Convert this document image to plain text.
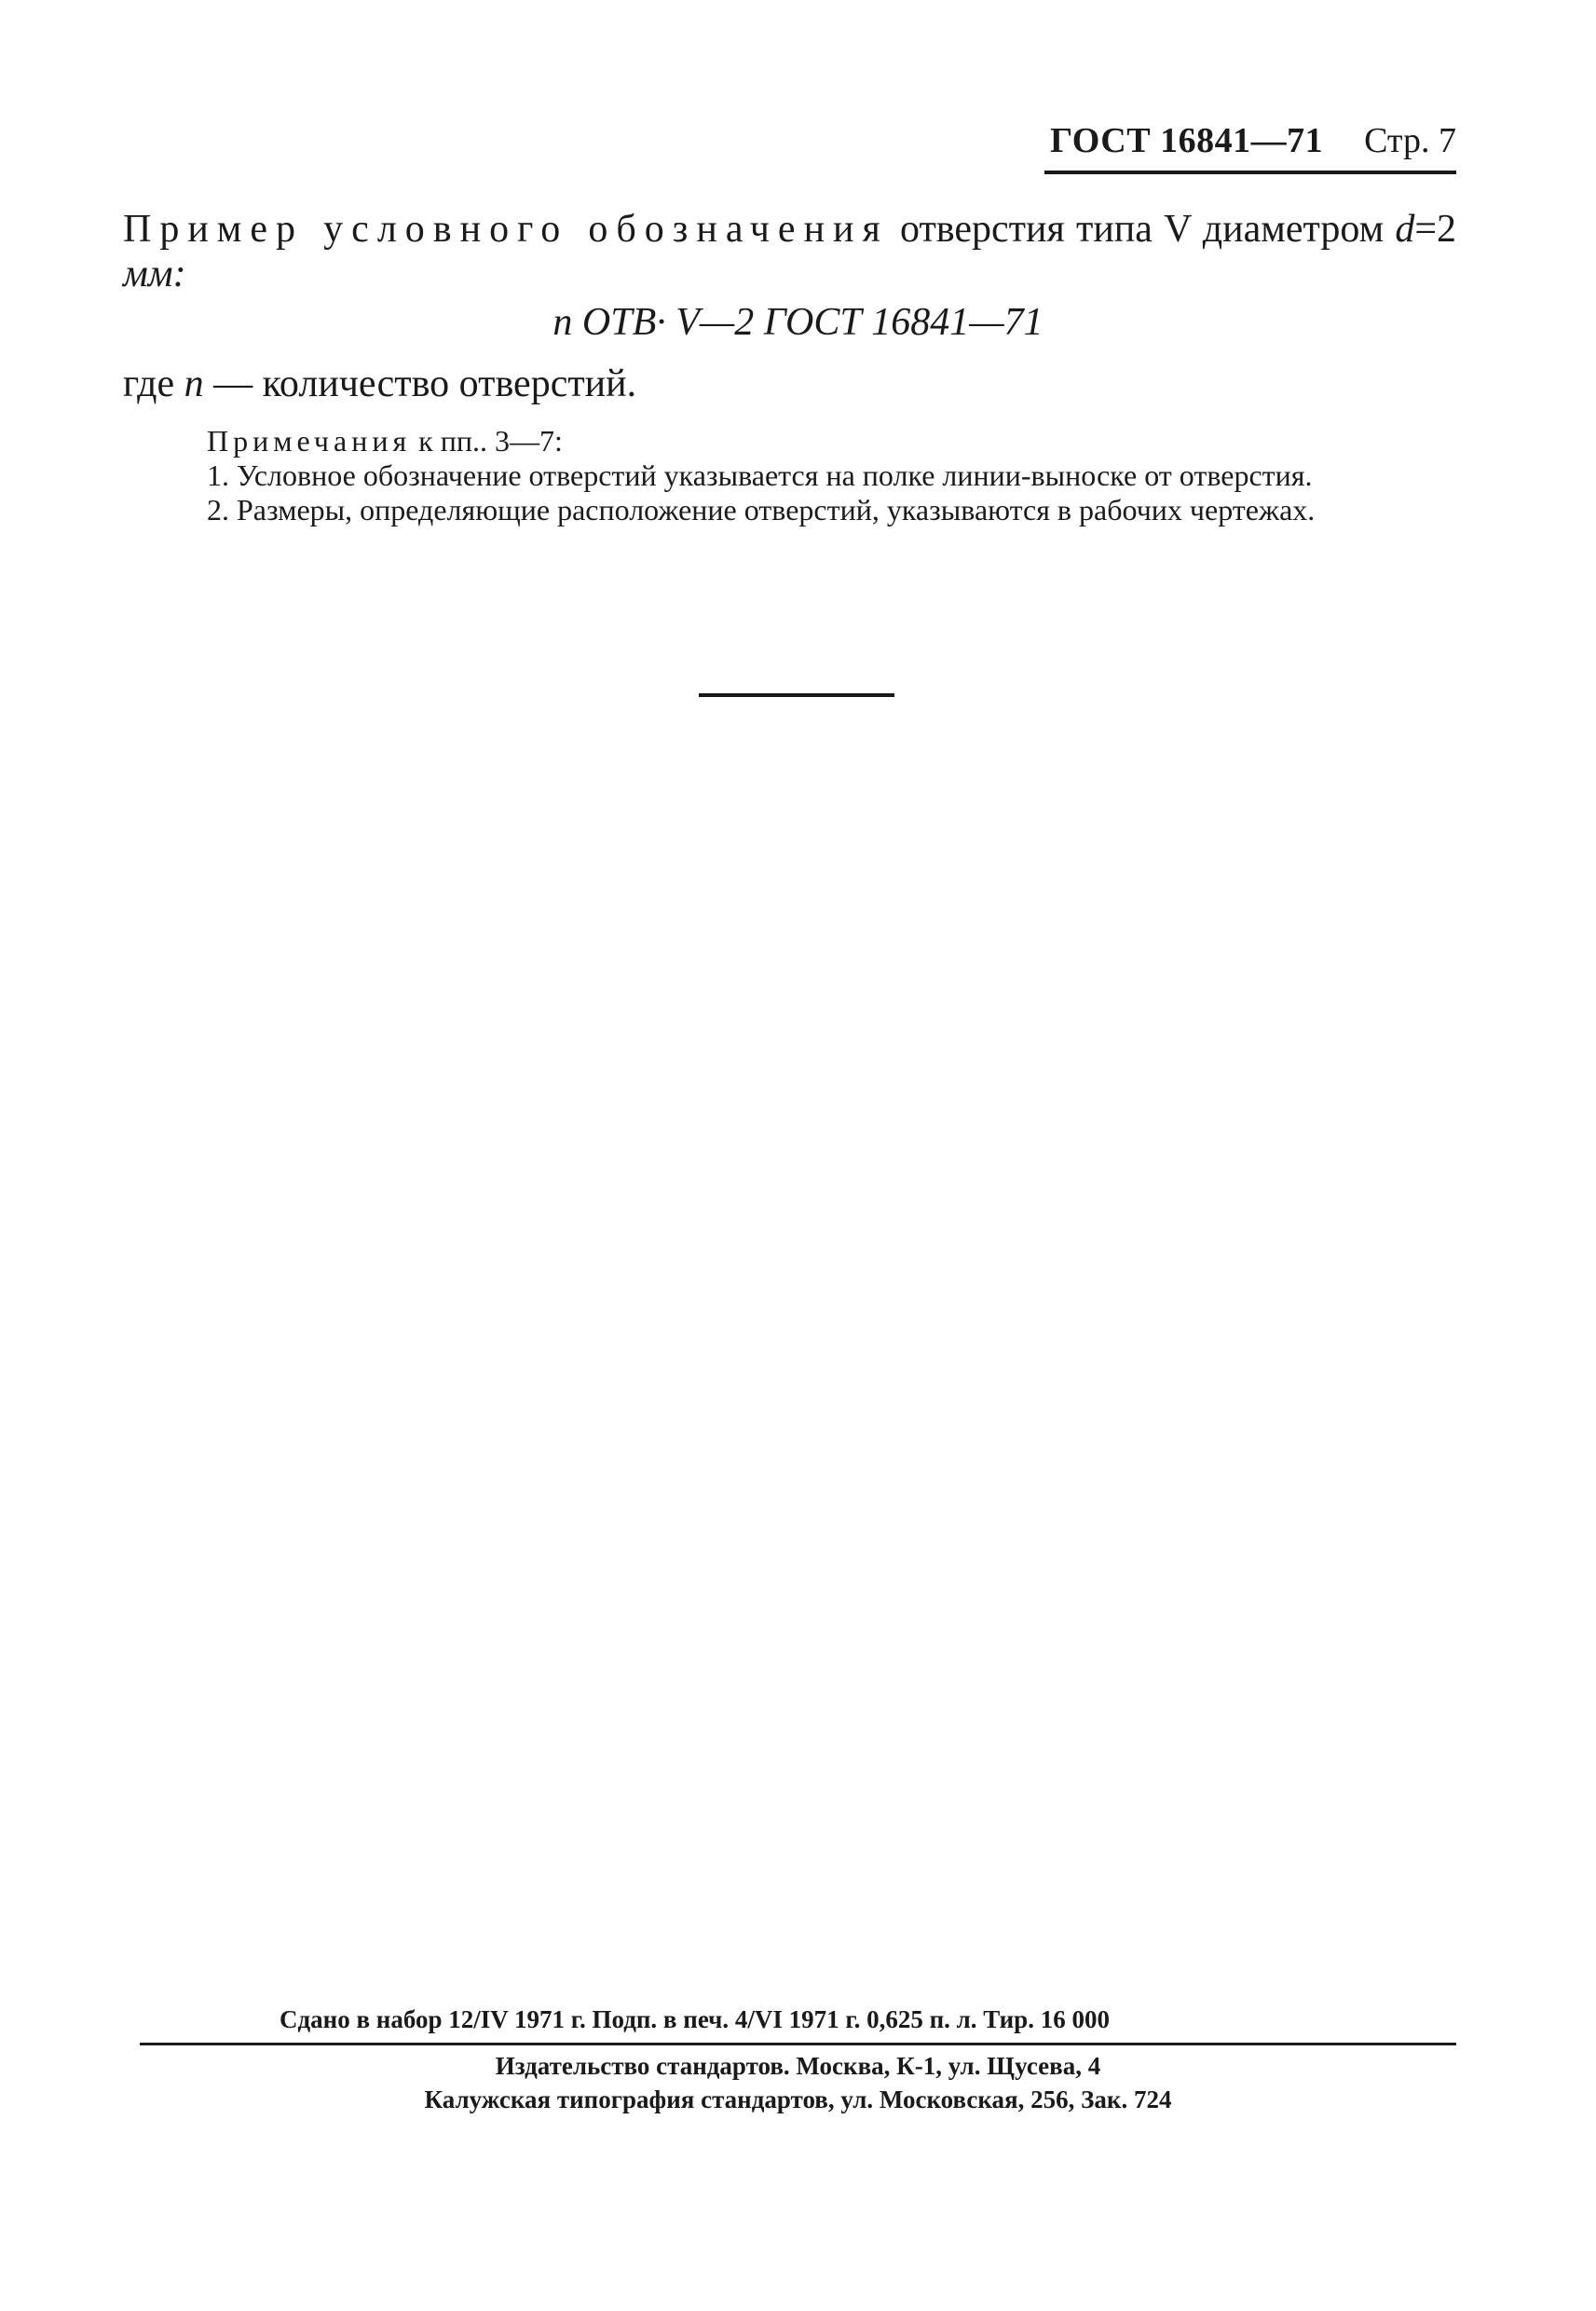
ГОСТ 16841—71 Стр. 7
Пример условного обозначения отверстия типа V диаметром d=2 мм:
n ОТВ· V—2 ГОСТ 16841—71
где n — количество отверстий.
Примечания к пп.. 3—7:

1. Условное обозначение отверстий указывается на полке линии-выноске от отверстия.

2. Размеры, определяющие расположение отверстий, указываются в рабочих чертежах.

Сдано в набор 12/IV 1971 г. Подп. в печ. 4/VI 1971 г. 0,625 п. л. Тир. 16 000
Издательство стандартов. Москва, К-1, ул. Щусева, 4
Калужская типография стандартов, ул. Московская, 256, Зак. 724
